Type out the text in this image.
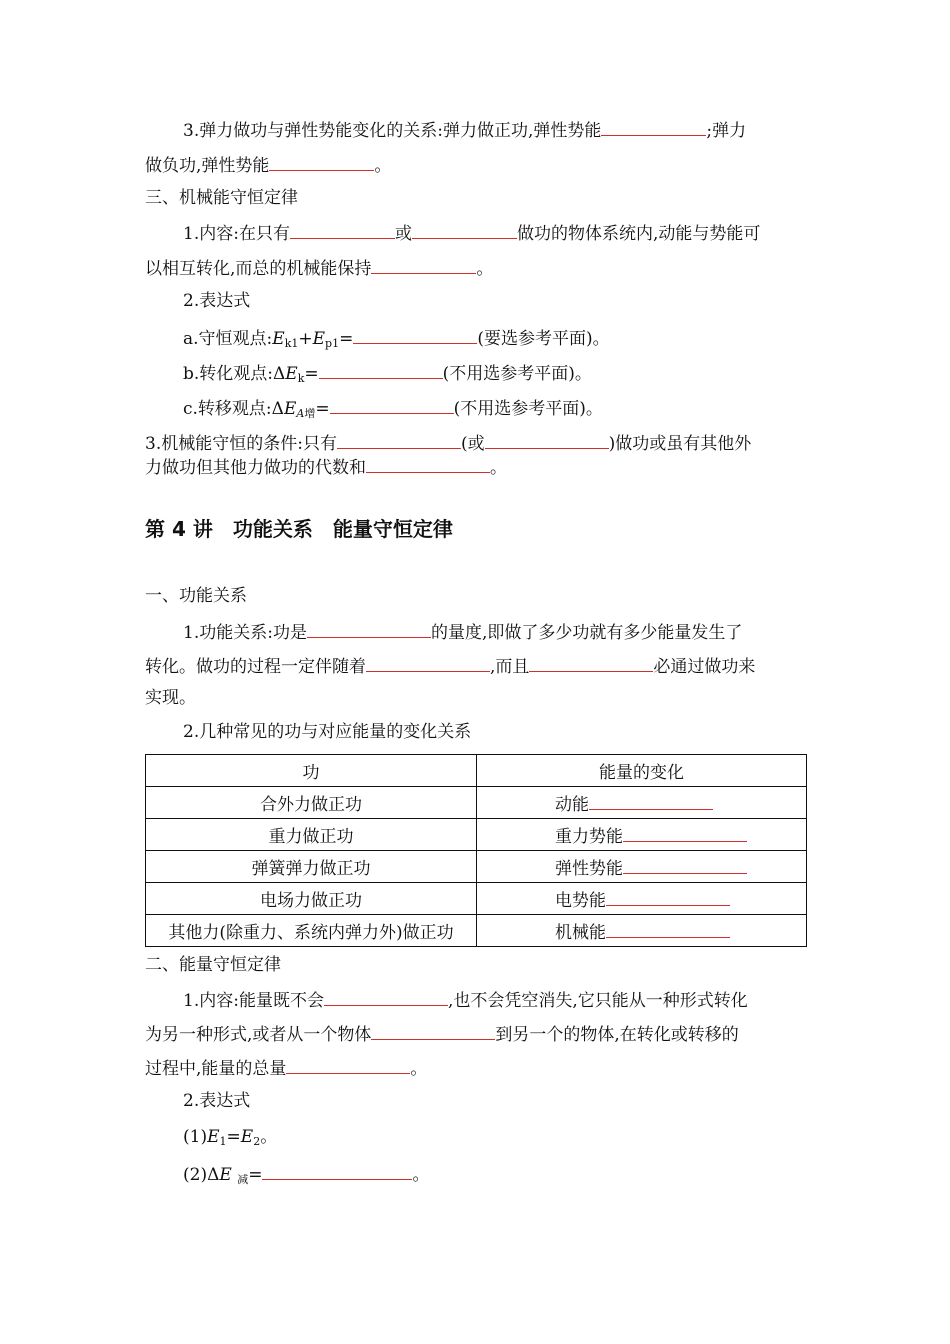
3.弹力做功与弹性势能变化的关系:弹力做正功,弹性势能	;弹力
做负功,弹性势能	。
三、机械能守恒定律
1.内容:在只有	或	做功的物体系统内,动能与势能可
以相互转化,而总的机械能保持	。
2.表达式
a.守恒观点$:E_{k1}+E_{p1}=$	(要选参考平面)。
b.转化观点$:\Delta E_k=$	(不用选参考平面)。
c.转移观点$:\Delta E_{A增}=$	(不用选参考平面)。
3.机械能守恒的条件:只有	(或	)做功或虽有其他外
力做功但其他力做功的代数和	。
第 4 讲　功能关系　能量守恒定律
一、功能关系
1.功能关系:功是	的量度,即做了多少功就有多少能量发生了
转化。做功的过程一定伴随着	,而且	必通过做功来
实现。
2.几种常见的功与对应能量的变化关系
功	能量的变化
合外力做正功	动能
重力做正功	重力势能
弹簧弹力做正功	弹性势能
电场力做正功	电势能
其他力(除重力、系统内弹力外)做正功	机械能
二、能量守恒定律
1.内容:能量既不会	,也不会凭空消失,它只能从一种形式转化
为另一种形式,或者从一个物体	到另一个的物体,在转化或转移的
过程中,能量的总量	。
2.表达式
$(1)E_1=E_2$。
(2)ΔE $_减$=	。
